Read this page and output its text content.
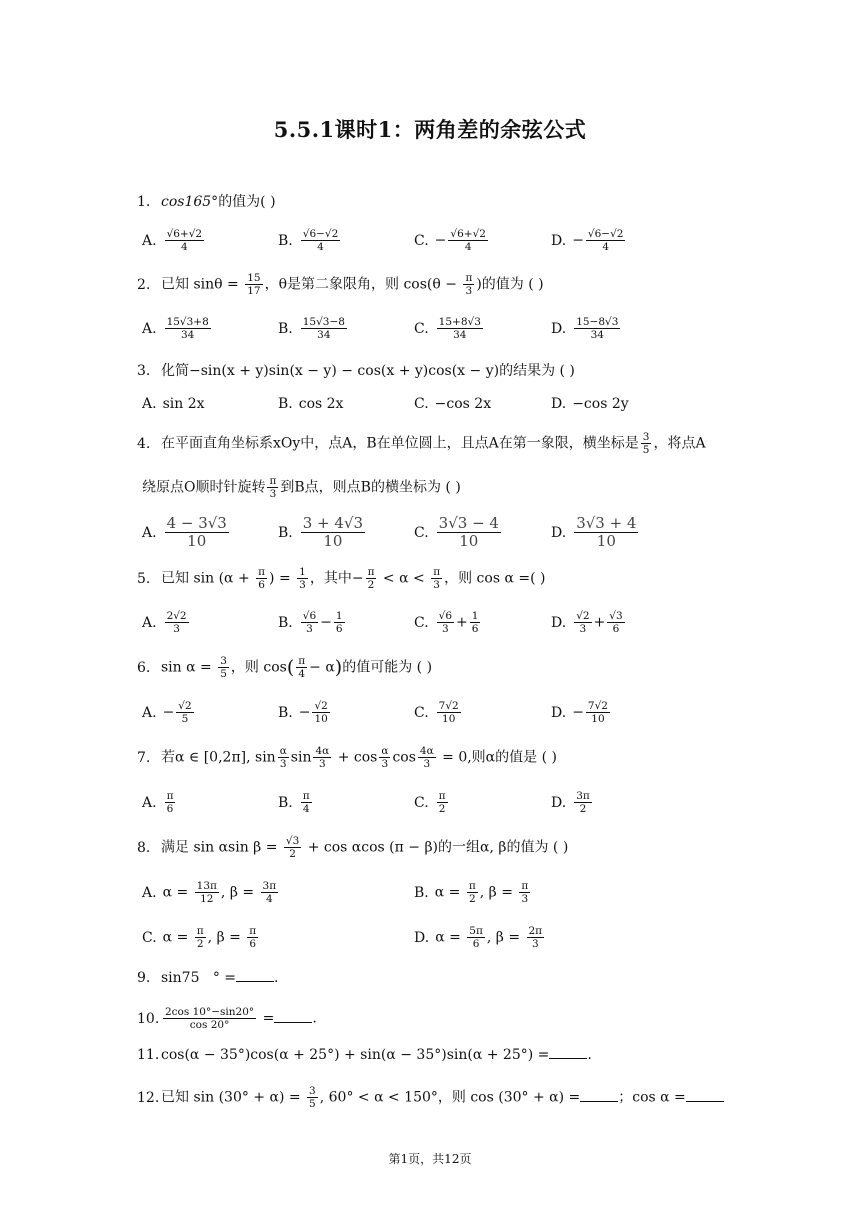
5.5.1课时1：两角差的余弦公式
1. cos165°的值为( )
A. $\frac{√6+√2}{4}$	B. $\frac{√6-√2}{4}$	C. − $\frac{√6+√2}{4}$	D. − $\frac{√6-√2}{4}$
2. 已知 $\sin\theta = \frac{15}{17}$ ，θ是第二象限角，则 $\cos(\theta - \frac{\pi}{3}$ )的值为 ( )
A. $\frac{15√3+8}{34}$	B. $\frac{15√3-8}{34}$	C. $\frac{15+8√3}{34}$	D. $\frac{15-8√3}{34}$
3. 化简−sin(x + y)sin(x − y) − cos(x + y)cos(x − y)的结果为 ( )
A. sin 2x	B. cos 2x	C. −cos 2x	D. −cos 2y
4. 在平面直角坐标系xOy中，点A，B在单位圆上，且点A在第一象限，横坐标是 $\frac{3}{5}$ ，将点A
绕原点O顺时针旋转 $\frac{\pi}{3}$ 到B点，则点B的横坐标为 ( )
A. $\frac{4 - 3√3}{10}$	B. $\frac{3 + 4√3}{10}$	C. $\frac{3√3 - 4}{10}$	D. $\frac{3√3 + 4}{10}$
5. 已知 $\sin (\alpha + \frac{\pi}{6}$ ) = $\frac{1}{3}$ ，其中− $\frac{\pi}{2} < \alpha < \frac{\pi}{3}$ ，则 cos α =( )
A. $\frac{2√2}{3}$	B. $\frac{√6}{3} - \frac{1}{6}$	C. $\frac{√6}{3} + \frac{1}{6}$	D. $\frac{√2}{3} + \frac{√3}{6}$
6. $\sin \alpha = \frac{3}{5}$ ，则 $\cos( \frac{\pi}{4} - \alpha)$的值可能为 ( )
A. − $\frac{√2}{5}$	B. − $\frac{√2}{10}$	C. $\frac{7√2}{10}$	D. − $\frac{7√2}{10}$
7. 若α ∈ [0,2π], $\sin \frac{\alpha}{3}$ $\sin \frac{4\alpha}{3} + \cos \frac{\alpha}{3}$ $\cos \frac{4\alpha}{3} = 0$,则α的值是 ( )
A. $\frac{\pi}{6}$	B. $\frac{\pi}{4}$	C. $\frac{\pi}{2}$	D. $\frac{3\pi}{2}$
8. 满足 sin αsin $\beta = \frac{√3}{2} + \cos \alpha\cos$ (π − β)的一组α, β的值为 ( )
A. $\alpha = \frac{13\pi}{12}$ , $\beta = \frac{3\pi}{4}$	B. $\alpha = \frac{\pi}{2}$ , $\beta = \frac{\pi}{3}$
C. $\alpha = \frac{\pi}{2}$ , $\beta = \frac{\pi}{6}$	D. $\alpha = \frac{5\pi}{6}$ , $\beta = \frac{2\pi}{3}$
9. sin75 ° =	.
10. $\frac{2\cos 10^\circ-\sin 20^\circ}{\cos 20^\circ}$ =	.
11. cos(α − 35°)cos(α + 25°) + sin(α − 35°)sin(α + 25°) =	.
12. 已知 $\sin (30^\circ + \alpha) = \frac{3}{5}$ , 60° < α < 150°，则 cos (30° + α) =	；cos α =
第1页，共12页
